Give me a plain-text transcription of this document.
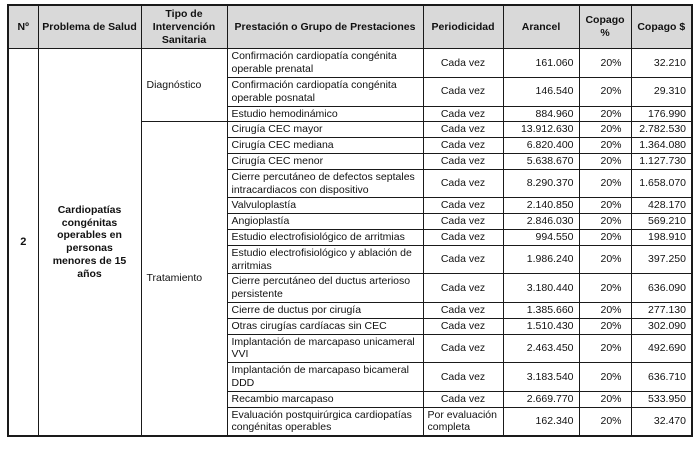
Nº	Problema de Salud	Tipo de Intervención Sanitaria	Prestación o Grupo de Prestaciones	Periodicidad	Arancel	Copago %	Copago $
2	Cardiopatías congénitas operables en personas menores de 15 años	Diagnóstico	Confirmación cardiopatía congénita operable prenatal	Cada vez	161.060	20%	32.210
			Confirmación cardiopatía congénita operable posnatal	Cada vez	146.540	20%	29.310
			Estudio hemodinámico	Cada vez	884.960	20%	176.990
		Tratamiento	Cirugía CEC mayor	Cada vez	13.912.630	20%	2.782.530
			Cirugía CEC mediana	Cada vez	6.820.400	20%	1.364.080
			Cirugía CEC menor	Cada vez	5.638.670	20%	1.127.730
			Cierre percutáneo de defectos septales intracardiacos con dispositivo	Cada vez	8.290.370	20%	1.658.070
			Valvuloplastía	Cada vez	2.140.850	20%	428.170
			Angioplastía	Cada vez	2.846.030	20%	569.210
			Estudio electrofisiológico de arritmias	Cada vez	994.550	20%	198.910
			Estudio electrofisiológico y ablación de arritmias	Cada vez	1.986.240	20%	397.250
			Cierre percutáneo del ductus arterioso persistente	Cada vez	3.180.440	20%	636.090
			Cierre de ductus por cirugía	Cada vez	1.385.660	20%	277.130
			Otras cirugías cardíacas sin CEC	Cada vez	1.510.430	20%	302.090
			Implantación de marcapaso unicameral VVI	Cada vez	2.463.450	20%	492.690
			Implantación de marcapaso bicameral DDD	Cada vez	3.183.540	20%	636.710
			Recambio marcapaso	Cada vez	2.669.770	20%	533.950
			Evaluación postquirúrgica cardiopatías congénitas operables	Por evaluación completa	162.340	20%	32.470
